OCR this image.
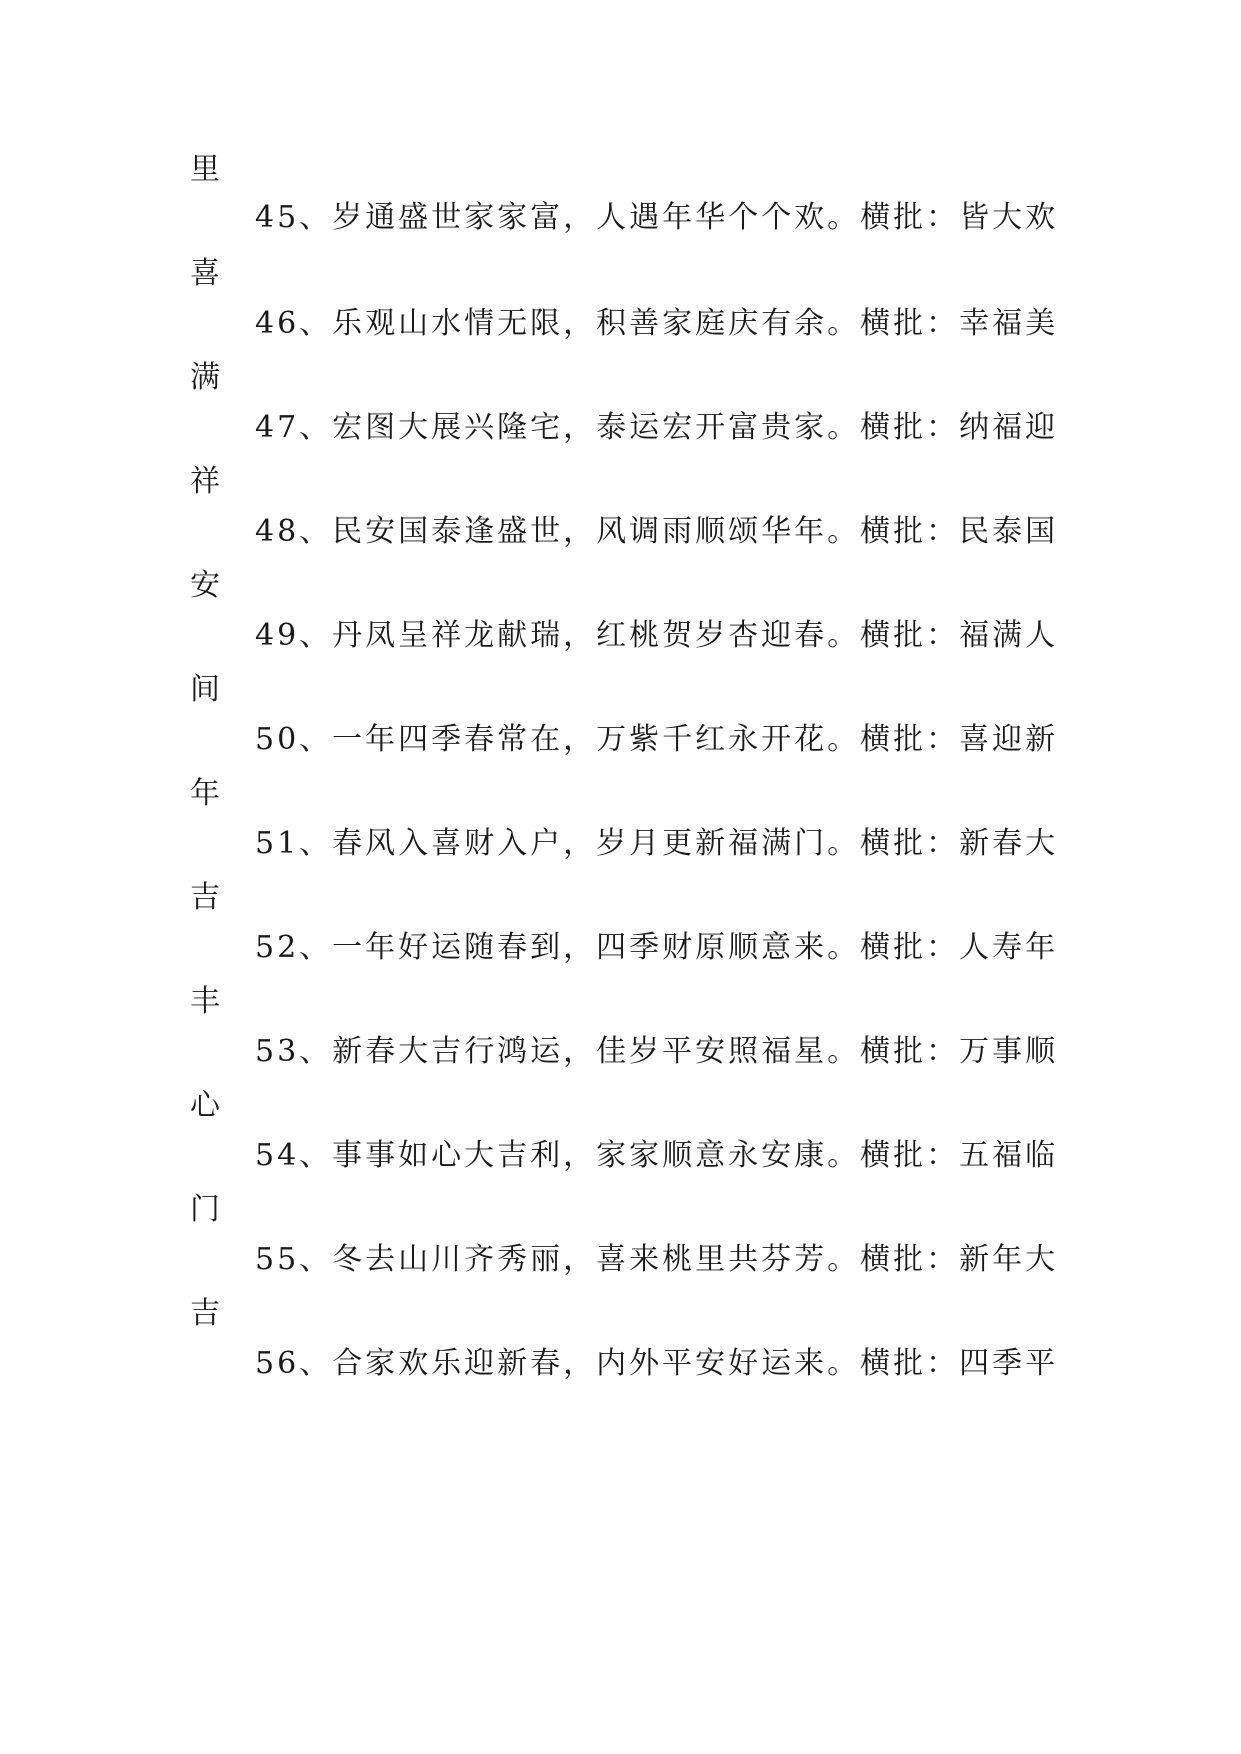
里
45、岁通盛世家家富，人遇年华个个欢。横批：皆大欢
喜
46、乐观山水情无限，积善家庭庆有余。横批：幸福美
满
47、宏图大展兴隆宅，泰运宏开富贵家。横批：纳福迎
祥
48、民安国泰逢盛世，风调雨顺颂华年。横批：民泰国
安
49、丹凤呈祥龙献瑞，红桃贺岁杏迎春。横批：福满人
间
50、一年四季春常在，万紫千红永开花。横批：喜迎新
年
51、春风入喜财入户，岁月更新福满门。横批：新春大
吉
52、一年好运随春到，四季财原顺意来。横批：人寿年
丰
53、新春大吉行鸿运，佳岁平安照福星。横批：万事顺
心
54、事事如心大吉利，家家顺意永安康。横批：五福临
门
55、冬去山川齐秀丽，喜来桃里共芬芳。横批：新年大
吉
56、合家欢乐迎新春，内外平安好运来。横批：四季平
